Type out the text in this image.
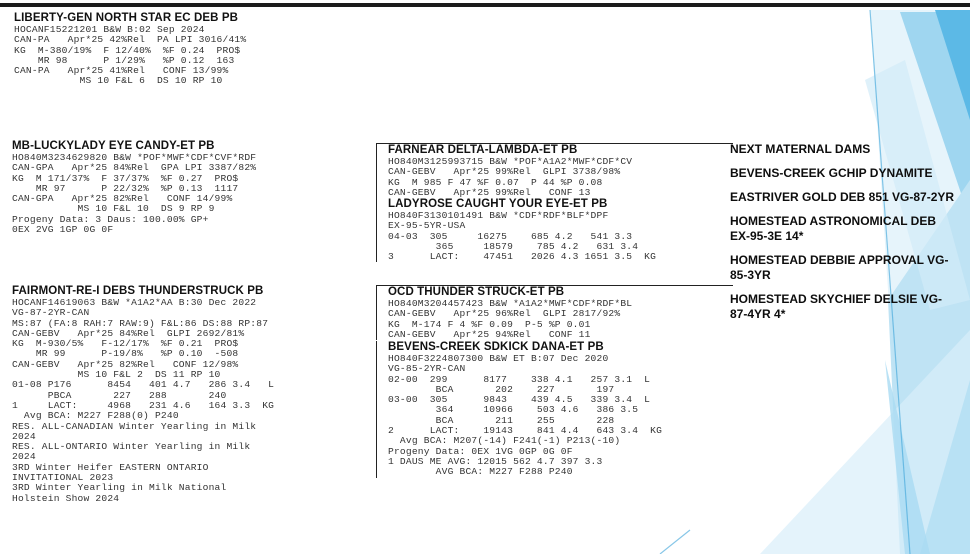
LIBERTY-GEN NORTH STAR EC DEB PB
HOCANF15221201 B&W B:02 Sep 2024
CAN-PA   Apr*25 42%Rel  PA LPI 3016/41%
KG  M-380/19%  F 12/40%  %F 0.24  PRO$
MR 98      P 1/29%   %P 0.12  163
CAN-PA   Apr*25 41%Rel   CONF 13/99%
MS 10 F&L 6  DS 10 RP 10
MB-LUCKYLADY EYE CANDY-ET PB
HO840M3234629820 B&W *POF*MWF*CDF*CVF*RDF
CAN-GPA   Apr*25 84%Rel  GPA LPI 3387/82%
KG  M 171/37%  F 37/37%  %F 0.27  PRO$
MR 97      P 22/32%  %P 0.13  1117
CAN-GPA   Apr*25 82%Rel   CONF 14/99%
MS 10 F&L 10  DS 9 RP 9
Progeny Data: 3 Daus: 100.00% GP+
0EX 2VG 1GP 0G 0F
FAIRMONT-RE-I DEBS THUNDERSTRUCK PB
HOCANF14619063 B&W *A1A2*AA B:30 Dec 2022
VG-87-2YR-CAN
MS:87 (FA:8 RAH:7 RAW:9) F&L:86 DS:88 RP:87
CAN-GEBV   Apr*25 84%Rel  GLPI 2692/81%
KG  M-930/5%   F-12/17%  %F 0.21  PRO$
MR 99      P-19/8%   %P 0.10  -508
CAN-GEBV   Apr*25 82%Rel   CONF 12/98%
MS 10 F&L 2  DS 11 RP 10
01-08 P176      8454   401 4.7   286 3.4   L
PBCA       227   288       240
1     LACT:     4968   231 4.6   164 3.3  KG
Avg BCA: M227 F288(0) P240
RES. ALL-CANADIAN Winter Yearling in Milk
2024
RES. ALL-ONTARIO Winter Yearling in Milk
2024
3RD Winter Heifer EASTERN ONTARIO
INVITATIONAL 2023
3RD Winter Yearling in Milk National
Holstein Show 2024
FARNEAR DELTA-LAMBDA-ET PB
HO840M3125993715 B&W *POF*A1A2*MWF*CDF*CV
CAN-GEBV   Apr*25 99%Rel  GLPI 3738/98%
KG  M 985 F 47 %F 0.07  P 44 %P 0.08
CAN-GEBV   Apr*25 99%Rel   CONF 13
LADYROSE CAUGHT YOUR EYE-ET PB
HO840F3130101491 B&W *CDF*RDF*BLF*DPF
EX-95-5YR-USA
04-03  305     16275    685 4.2   541 3.3
365     18579    785 4.2   631 3.4
3      LACT:    47451   2026 4.3 1651 3.5  KG
OCD THUNDER STRUCK-ET PB
HO840M3204457423 B&W *A1A2*MWF*CDF*RDF*BL
CAN-GEBV   Apr*25 96%Rel  GLPI 2817/92%
KG  M-174 F 4 %F 0.09  P-5 %P 0.01
CAN-GEBV   Apr*25 94%Rel   CONF 11
BEVENS-CREEK SDKICK DANA-ET PB
HO840F3224807300 B&W ET B:07 Dec 2020
VG-85-2YR-CAN
02-00  299      8177    338 4.1   257 3.1  L
BCA       202    227       197
03-00  305      9843    439 4.5   339 3.4  L
364     10966    503 4.6   386 3.5
BCA       211    255       228
2      LACT:    19143    841 4.4   643 3.4  KG
Avg BCA: M207(-14) F241(-1) P213(-10)
Progeny Data: 0EX 1VG 0GP 0G 0F
1 DAUS ME AVG: 12015 562 4.7 397 3.3
AVG BCA: M227 F288 P240
NEXT MATERNAL DAMS
BEVENS-CREEK GCHIP DYNAMITE
EASTRIVER GOLD DEB 851 VG-87-2YR
HOMESTEAD ASTRONOMICAL DEB EX-95-3E 14*
HOMESTEAD DEBBIE APPROVAL VG-85-3YR
HOMESTEAD SKYCHIEF DELSIE VG-87-4YR 4*
